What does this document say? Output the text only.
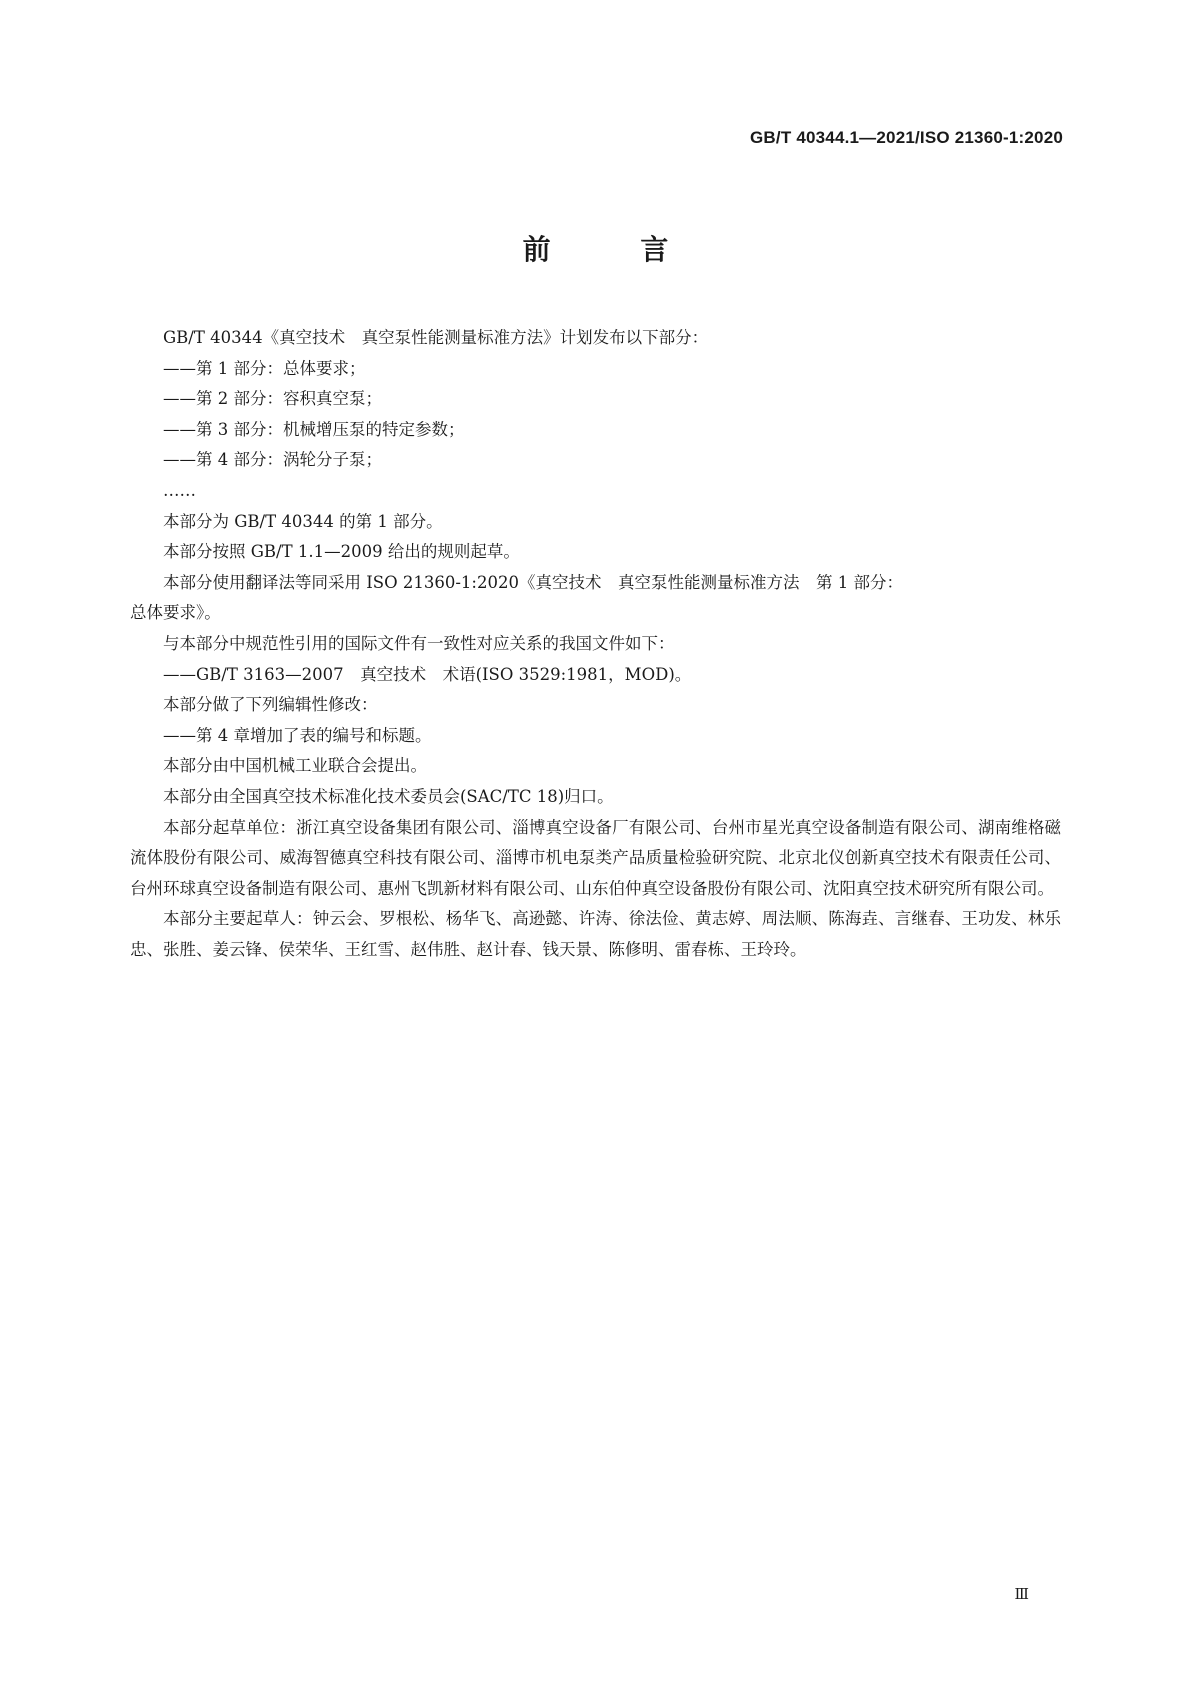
GB/T 40344.1—2021/ISO 21360-1:2020
前 言

GB/T 40344《真空技术　真空泵性能测量标准方法》计划发布以下部分：

——第 1 部分：总体要求；

——第 2 部分：容积真空泵；

——第 3 部分：机械增压泵的特定参数；

——第 4 部分：涡轮分子泵；

……

本部分为 GB/T 40344 的第 1 部分。

本部分按照 GB/T 1.1—2009 给出的规则起草。

本部分使用翻译法等同采用 ISO 21360-1:2020《真空技术　真空泵性能测量标准方法　第 1 部分：

总体要求》。

与本部分中规范性引用的国际文件有一致性对应关系的我国文件如下：

——GB/T 3163—2007　真空技术　术语(ISO 3529:1981，MOD)。

本部分做了下列编辑性修改：

——第 4 章增加了表的编号和标题。

本部分由中国机械工业联合会提出。

本部分由全国真空技术标准化技术委员会(SAC/TC 18)归口。

本部分起草单位：浙江真空设备集团有限公司、淄博真空设备厂有限公司、台州市星光真空设备制造有限公司、湖南维格磁流体股份有限公司、威海智德真空科技有限公司、淄博市机电泵类产品质量检验研究院、北京北仪创新真空技术有限责任公司、台州环球真空设备制造有限公司、惠州飞凯新材料有限公司、山东伯仲真空设备股份有限公司、沈阳真空技术研究所有限公司。

本部分主要起草人：钟云会、罗根松、杨华飞、高逊懿、许涛、徐法俭、黄志婷、周法顺、陈海垚、言继春、王功发、林乐忠、张胜、姜云锋、侯荣华、王红雪、赵伟胜、赵计春、钱天景、陈修明、雷春栋、王玲玲。

Ⅲ
